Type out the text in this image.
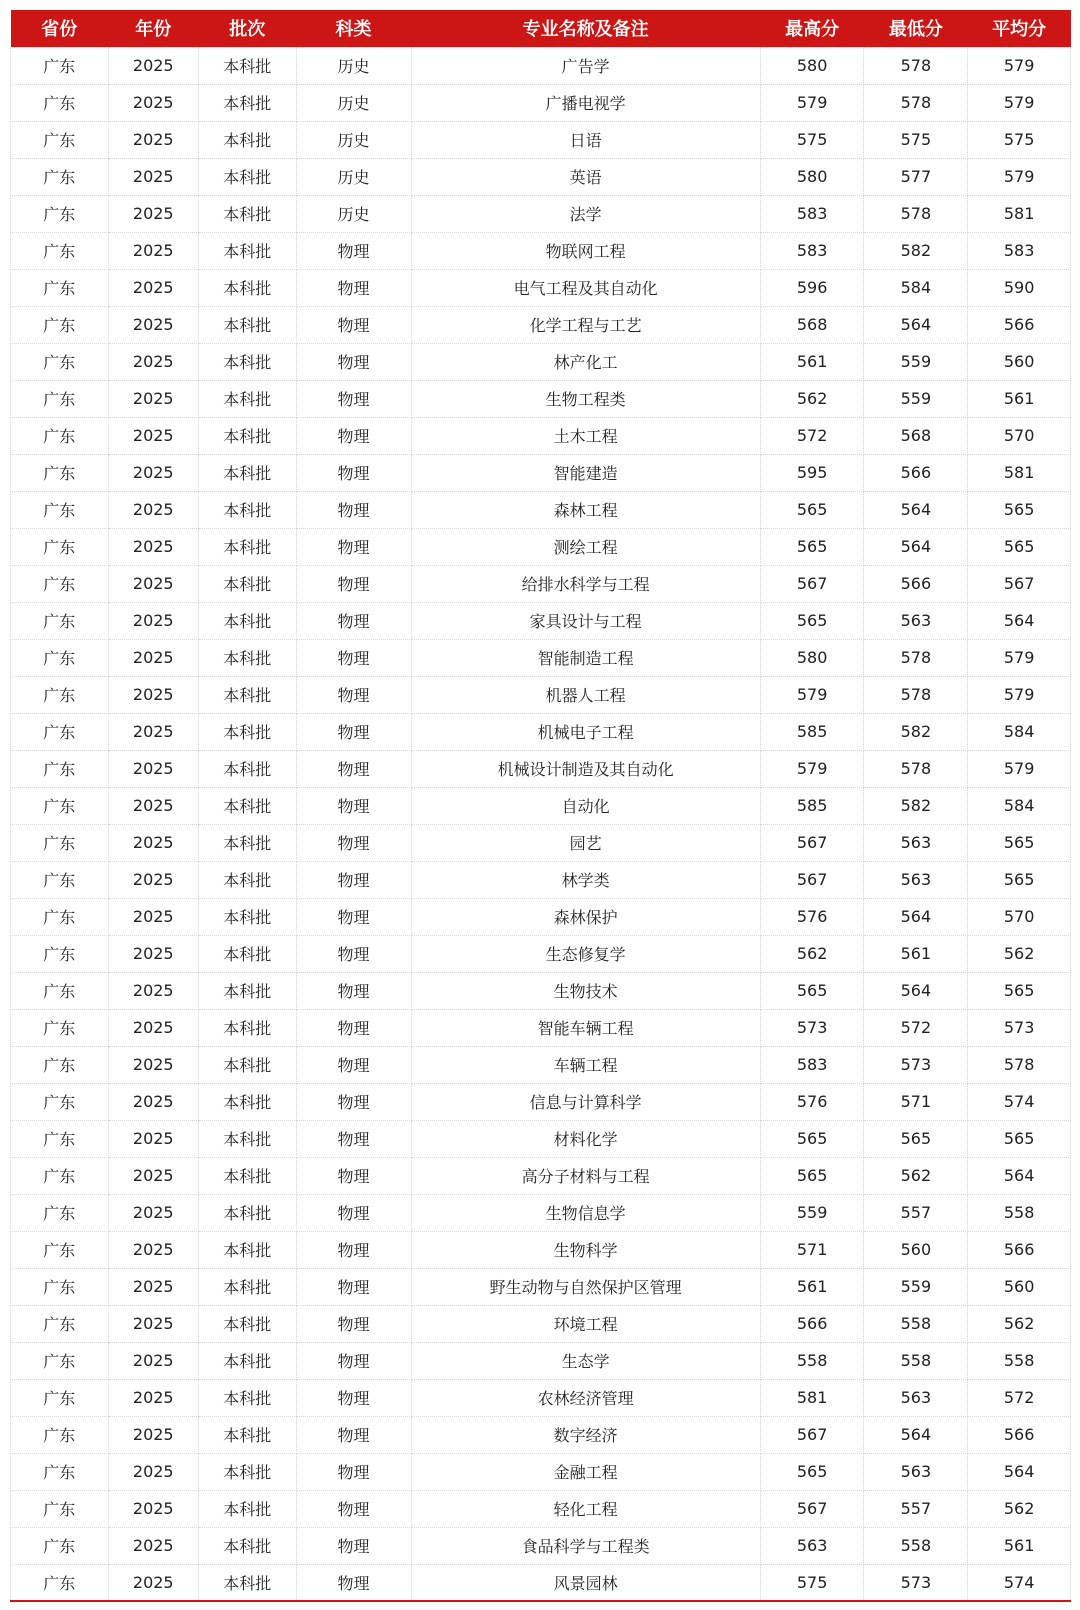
省份	年份	批次	科类	专业名称及备注	最高分	最低分	平均分
广东	2025	本科批	历史	广告学	580	578	579
广东	2025	本科批	历史	广播电视学	579	578	579
广东	2025	本科批	历史	日语	575	575	575
广东	2025	本科批	历史	英语	580	577	579
广东	2025	本科批	历史	法学	583	578	581
广东	2025	本科批	物理	物联网工程	583	582	583
广东	2025	本科批	物理	电气工程及其自动化	596	584	590
广东	2025	本科批	物理	化学工程与工艺	568	564	566
广东	2025	本科批	物理	林产化工	561	559	560
广东	2025	本科批	物理	生物工程类	562	559	561
广东	2025	本科批	物理	土木工程	572	568	570
广东	2025	本科批	物理	智能建造	595	566	581
广东	2025	本科批	物理	森林工程	565	564	565
广东	2025	本科批	物理	测绘工程	565	564	565
广东	2025	本科批	物理	给排水科学与工程	567	566	567
广东	2025	本科批	物理	家具设计与工程	565	563	564
广东	2025	本科批	物理	智能制造工程	580	578	579
广东	2025	本科批	物理	机器人工程	579	578	579
广东	2025	本科批	物理	机械电子工程	585	582	584
广东	2025	本科批	物理	机械设计制造及其自动化	579	578	579
广东	2025	本科批	物理	自动化	585	582	584
广东	2025	本科批	物理	园艺	567	563	565
广东	2025	本科批	物理	林学类	567	563	565
广东	2025	本科批	物理	森林保护	576	564	570
广东	2025	本科批	物理	生态修复学	562	561	562
广东	2025	本科批	物理	生物技术	565	564	565
广东	2025	本科批	物理	智能车辆工程	573	572	573
广东	2025	本科批	物理	车辆工程	583	573	578
广东	2025	本科批	物理	信息与计算科学	576	571	574
广东	2025	本科批	物理	材料化学	565	565	565
广东	2025	本科批	物理	高分子材料与工程	565	562	564
广东	2025	本科批	物理	生物信息学	559	557	558
广东	2025	本科批	物理	生物科学	571	560	566
广东	2025	本科批	物理	野生动物与自然保护区管理	561	559	560
广东	2025	本科批	物理	环境工程	566	558	562
广东	2025	本科批	物理	生态学	558	558	558
广东	2025	本科批	物理	农林经济管理	581	563	572
广东	2025	本科批	物理	数字经济	567	564	566
广东	2025	本科批	物理	金融工程	565	563	564
广东	2025	本科批	物理	轻化工程	567	557	562
广东	2025	本科批	物理	食品科学与工程类	563	558	561
广东	2025	本科批	物理	风景园林	575	573	574
